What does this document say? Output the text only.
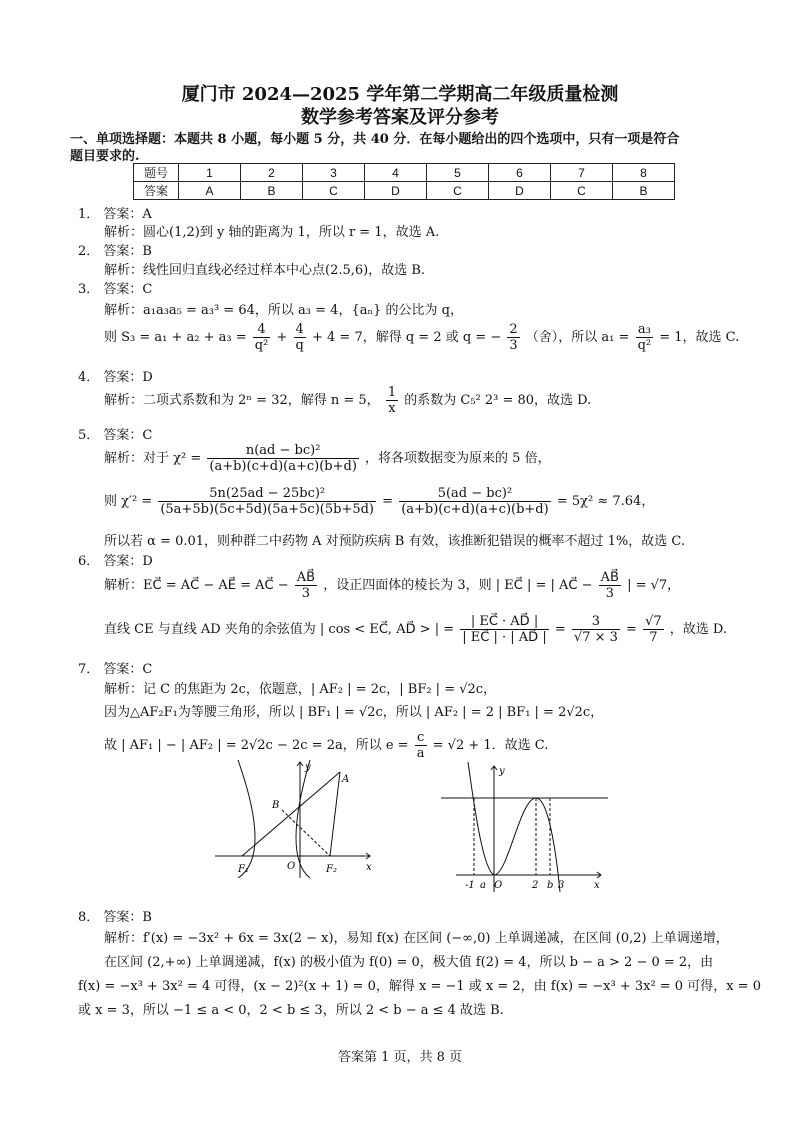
厦门市 2024—2025 学年第二学期高二年级质量检测
数学参考答案及评分参考
一、单项选择题：本题共 8 小题，每小题 5 分，共 40 分．在每小题给出的四个选项中，只有一项是符合
题目要求的.
题号	1	2	3	4	5	6	7	8
答案	A	B	C	D	C	D	C	B
1． 答案：A
解析：圆心(1,2)到 y 轴的距离为 1，所以 r = 1，故选 A.
2． 答案：B
解析：线性回归直线必经过样本中心点(2.5,6)，故选 B.
3． 答案：C
解析：a₁a₃a₅ = a₃³ = 64，所以 a₃ = 4，{aₙ} 的公比为 q，
则 $S_3 = a_1 + a_2 + a_3 = \frac{4}{\text{q²}} + \frac{4}{q} + 4 = 7$，解得 q = 2 或 q = − $\frac{2}{3}$ （舍），所以 $a_1 = \frac{\text{a₃}}{\text{q²}} = 1$，故选 C.
4． 答案：D
解析：二项式系数和为 2ⁿ = 32，解得 n = 5， $\frac{1}{x}$ 的系数为 C₅² 2³ = 80，故选 D.
5． 答案：C
解析：对于 $\chi^2 = \frac{\text{n(ad − bc)²}}{(a+b)(c+d)(a+c)(b+d)}$ ，将各项数据变为原来的 5 倍，
则 $\chi'^2 = \frac{\text{5n(25ad − 25bc)²}}{(5a+5b)(5c+5d)(5a+5c)(5b+5d)} = \frac{\text{5(ad − bc)²}}{(a+b)(c+d)(a+c)(b+d)} = 5\chi^2 \approx 7.64$，
所以若 α = 0.01，则种群二中药物 A 对预防疾病 B 有效，该推断犯错误的概率不超过 1%，故选 C.
6． 答案：D
解析：EC⃗ = AC⃗ − AE⃗ = AC⃗ − $\frac{AB⃗}{3}$ ，设正四面体的棱长为 3，则 | EC⃗ | = | AC⃗ − $\frac{AB⃗}{3}$ | = √7，
直线 CE 与直线 AD 夹角的余弦值为 | cos < EC⃗, AD⃗ > | = $\frac{| EC⃗ \cdot AD⃗ |}{| EC⃗ | \cdot | AD⃗ |} = \frac{3}{√7 \times 3} = \frac{√7}{7}$ ，故选 D.
7． 答案：C
解析：记 C 的焦距为 2c，依题意，| AF₂ | = 2c，| BF₂ | = √2c，
因为△AF₂F₁为等腰三角形，所以 | BF₁ | = √2c，所以 | AF₂ | = 2 | BF₁ | = 2√2c，
故 | AF₁ | − | AF₂ | = 2√2c − 2c = 2a，所以 $e = \frac{c}{a} = √2 + 1$．故选 C.
F₁	F₂
O
B
A
y
x
-1 a O	2 b 3
y
x
8． 答案：B
解析：f′(x) = −3x² + 6x = 3x(2 − x)，易知 f(x) 在区间 (−∞,0) 上单调递减，在区间 (0,2) 上单调递增，
在区间 (2,+∞) 上单调递减，f(x) 的极小值为 f(0) = 0，极大值 f(2) = 4，所以 b − a > 2 − 0 = 2，由
f(x) = −x³ + 3x² = 4 可得，(x − 2)²(x + 1) = 0，解得 x = −1 或 x = 2，由 f(x) = −x³ + 3x² = 0 可得，x = 0
或 x = 3，所以 −1 ≤ a < 0，2 < b ≤ 3，所以 2 < b − a ≤ 4 故选 B.
答案第 1 页，共 8 页
